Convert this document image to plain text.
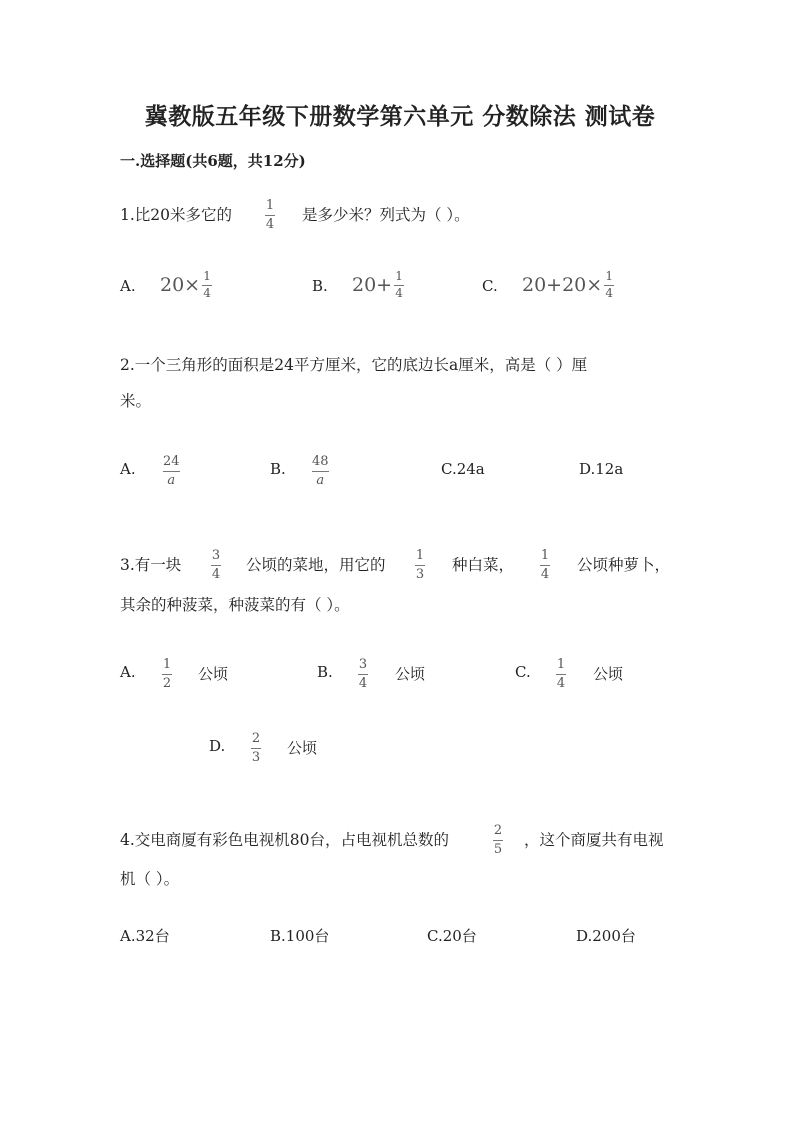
冀教版五年级下册数学第六单元 分数除法 测试卷
一.选择题(共6题，共12分)
1.比20米多它的
1
4
是多少米？列式为（ ）。
A. $20\times \frac{1}{4}$	B. $20+ \frac{1}{4}$	C. $20+20\times \frac{1}{4}$
2.一个三角形的面积是24平方厘米，它的底边长a厘米，高是（ ）厘
米。
A. 24
a
B. 48
a
C.24a	D.12a
3.有一块
3
4
公顷的菜地，用它的
1
3
种白菜，
1
4
公顷种萝卜，
其余的种菠菜，种菠菜的有（ ）。
A. 1
2
公顷	B. 3
4
公顷	C. 1
4
公顷
D. 2
3
公顷
4.交电商厦有彩色电视机80台，占电视机总数的
2
5
，这个商厦共有电视
机（ ）。
A.32台	B.100台	C.20台	D.200台
